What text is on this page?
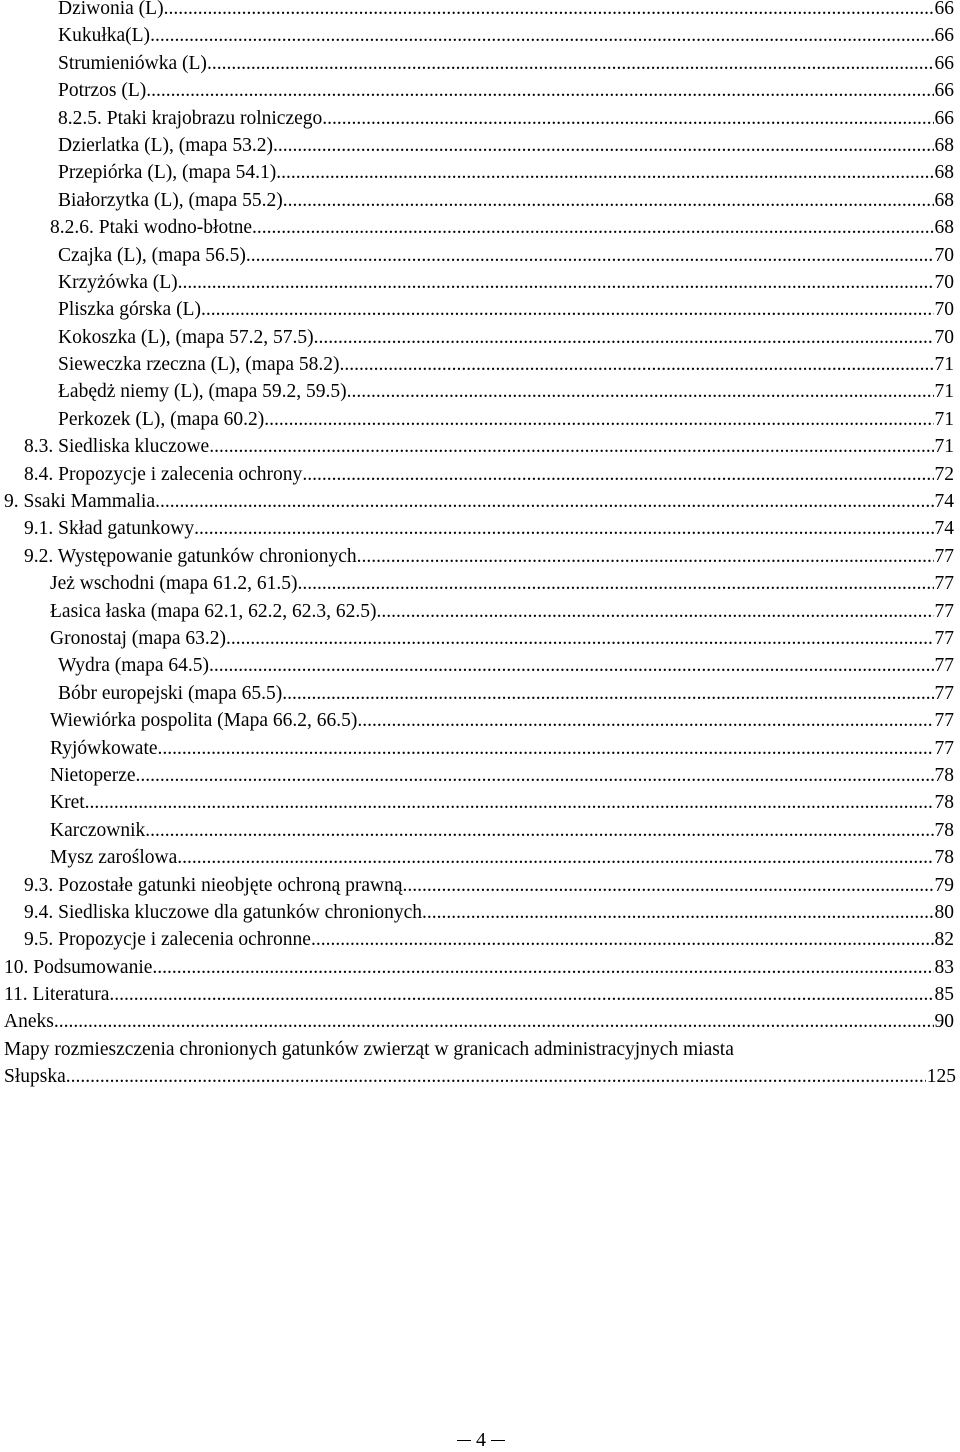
Dziwonia (L) .....	66
Kukułka(L) .....	66
Strumieniówka (L) .....	66
Potrzos (L) .....	66
8.2.5. Ptaki krajobrazu rolniczego .....	66
Dzierlatka (L), (mapa 53.2) .....	68
Przepiórka (L), (mapa 54.1) .....	68
Białorzytka (L), (mapa 55.2) .....	68
8.2.6. Ptaki wodno-błotne .....	68
Czajka (L), (mapa 56.5) .....	70
Krzyżówka (L) .....	70
Pliszka górska (L) .....	70
Kokoszka (L), (mapa 57.2, 57.5) .....	70
Sieweczka rzeczna (L), (mapa 58.2) .....	71
Łabędż niemy (L), (mapa 59.2, 59.5) .....	71
Perkozek (L), (mapa 60.2) .....	71
8.3. Siedliska kluczowe .....	71
8.4. Propozycje i zalecenia ochrony .....	72
9. Ssaki Mammalia .....	74
9.1. Skład gatunkowy .....	74
9.2. Występowanie gatunków chronionych .....	77
Jeż wschodni (mapa 61.2, 61.5) .....	77
Łasica łaska (mapa 62.1, 62.2, 62.3, 62.5) .....	77
Gronostaj (mapa 63.2) .....	77
Wydra (mapa 64.5) .....	77
Bóbr europejski (mapa 65.5) .....	77
Wiewiórka pospolita (Mapa 66.2, 66.5) .....	77
Ryjówkowate .....	77
Nietoperze .....	78
Kret .....	78
Karczownik .....	78
Mysz zaroślowa .....	78
9.3. Pozostałe gatunki nieobjęte ochroną prawną .....	79
9.4. Siedliska kluczowe dla gatunków chronionych .....	80
9.5. Propozycje i zalecenia ochronne .....	82
10. Podsumowanie .....	83
11. Literatura .....	85
Aneks .....	90
Mapy rozmieszczenia chronionych gatunków zwierząt w granicach administracyjnych miasta
Słupska .....	125
4
